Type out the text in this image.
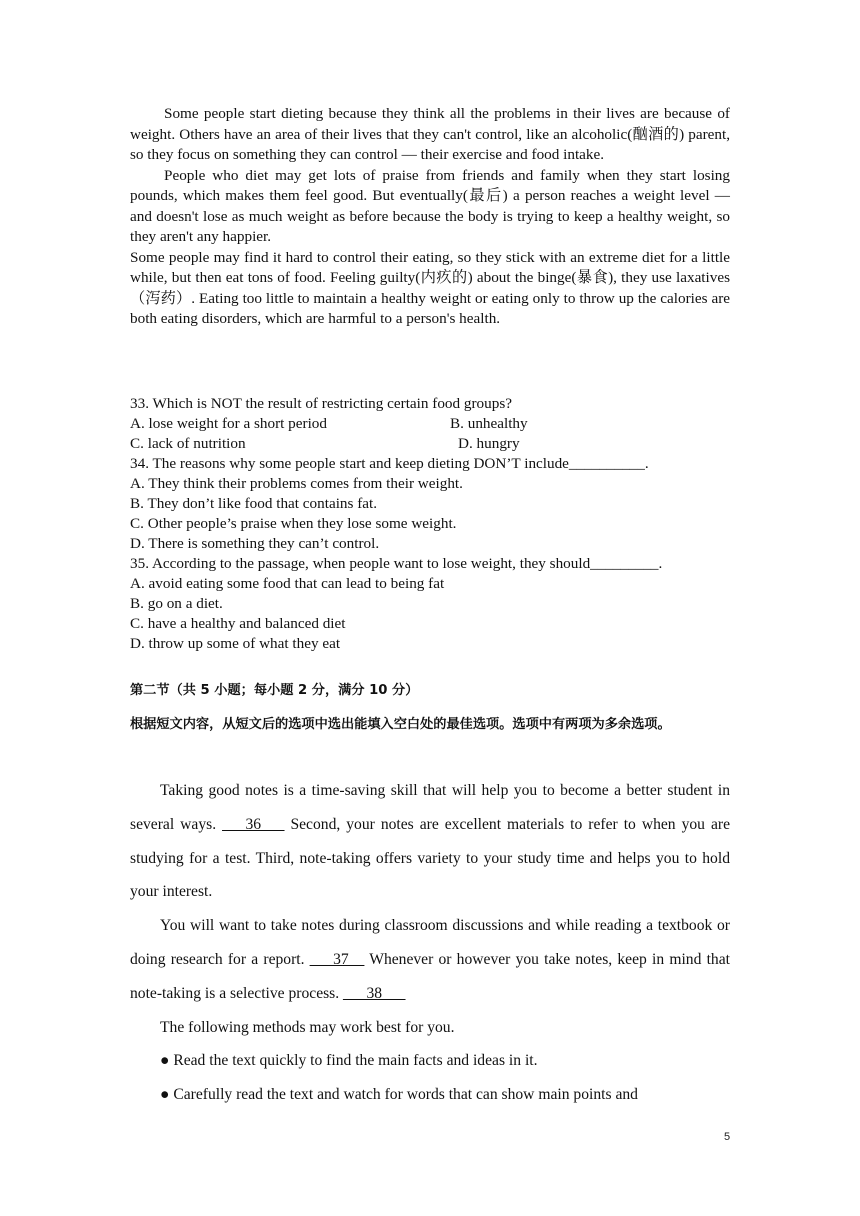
Some people start dieting because they think all the problems in their lives are because of weight. Others have an area of their lives that they can't control, like an alcoholic(酗酒的) parent, so they focus on something they can control — their exercise and food intake.

People who diet may get lots of praise from friends and family when they start losing pounds, which makes them feel good. But eventually(最后) a person reaches a weight level — and doesn't lose as much weight as before because the body is trying to keep a healthy weight, so they aren't any happier.

Some people may find it hard to control their eating, so they stick with an extreme diet for a little while, but then eat tons of food. Feeling guilty(内疚的) about the binge(暴食), they use laxatives（泻药）. Eating too little to maintain a healthy weight or eating only to throw up the calories are both eating disorders, which are harmful to a person's health.

33. Which is NOT the result of restricting certain food groups?
A. lose weight for a short period	B. unhealthy
C. lack of nutrition	D. hungry
34. The reasons why some people start and keep dieting DON’T include__________.
A. They think their problems comes from their weight.
B. They don’t like food that contains fat.
C. Other people’s praise when they lose some weight.
D. There is something they can’t control.
35. According to the passage, when people want to lose weight, they should_________.
A. avoid eating some food that can lead to being fat
B. go on a diet.
C. have a healthy and balanced diet
D. throw up some of what they eat
第二节（共 5 小题；每小题 2 分，满分 10 分）
根据短文内容，从短文后的选项中选出能填入空白处的最佳选项。选项中有两项为多余选项。

Taking good notes is a time-saving skill that will help you to become a better student in several ways. ___36___ Second, your notes are excellent materials to refer to when you are studying for a test. Third, note-taking offers variety to your study time and helps you to hold your interest.

You will want to take notes during classroom discussions and while reading a textbook or doing research for a report. ___37__ Whenever or however you take notes, keep in mind that note-taking is a selective process. ___38___

The following methods may work best for you.

● Read the text quickly to find the main facts and ideas in it.

● Carefully read the text and watch for words that can show main points and

5
